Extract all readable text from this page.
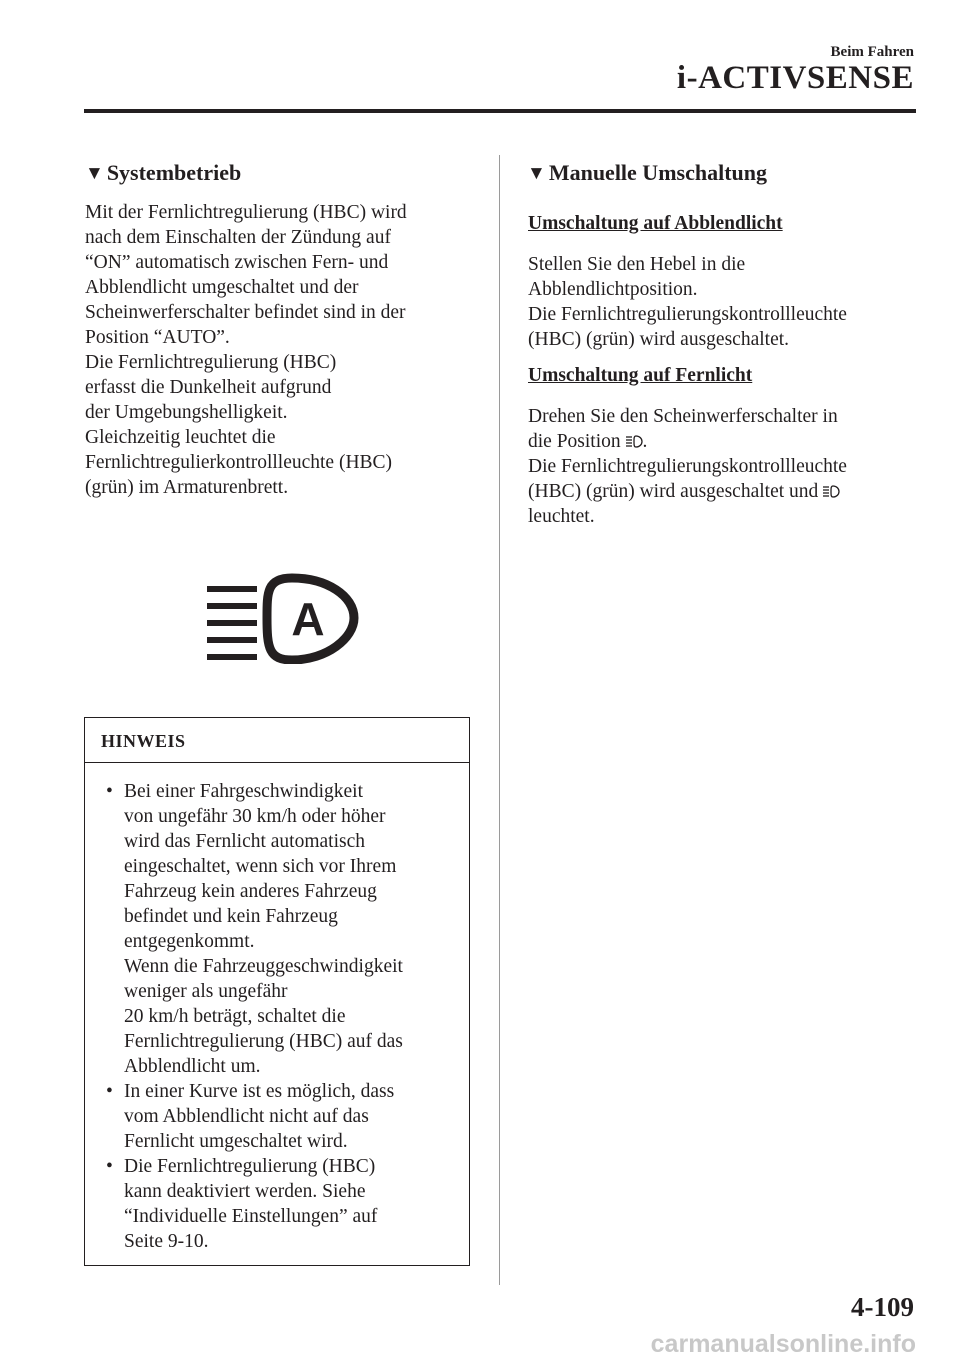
Beim Fahren
i-ACTIVSENSE
▼ Systembetrieb
Mit der Fernlichtregulierung (HBC) wird
nach dem Einschalten der Zündung auf
“ON” automatisch zwischen Fern- und
Abblendlicht umgeschaltet und der
Scheinwerferschalter befindet sind in der
Position “AUTO”.
Die Fernlichtregulierung (HBC)
erfasst die Dunkelheit aufgrund
der Umgebungshelligkeit.
Gleichzeitig leuchtet die
Fernlichtregulierkontrollleuchte (HBC)
(grün) im Armaturenbrett.
A
HINWEIS
• Bei einer Fahrgeschwindigkeit
von ungefähr 30 km/h oder höher
wird das Fernlicht automatisch
eingeschaltet, wenn sich vor Ihrem
Fahrzeug kein anderes Fahrzeug
befindet und kein Fahrzeug
entgegenkommt.
Wenn die Fahrzeuggeschwindigkeit
weniger als ungefähr
20 km/h beträgt, schaltet die
Fernlichtregulierung (HBC) auf das
Abblendlicht um.
• In einer Kurve ist es möglich, dass
vom Abblendlicht nicht auf das
Fernlicht umgeschaltet wird.
• Die Fernlichtregulierung (HBC)
kann deaktiviert werden. Siehe
“Individuelle Einstellungen” auf
Seite 9-10.
▼ Manuelle Umschaltung
Umschaltung auf Abblendlicht
Stellen Sie den Hebel in die
Abblendlichtposition.
Die Fernlichtregulierungskontrollleuchte
(HBC) (grün) wird ausgeschaltet.
Umschaltung auf Fernlicht
Drehen Sie den Scheinwerferschalter in
die Position .
Die Fernlichtregulierungskontrollleuchte
(HBC) (grün) wird ausgeschaltet und
leuchtet.
4-109
carmanualsonline.info
